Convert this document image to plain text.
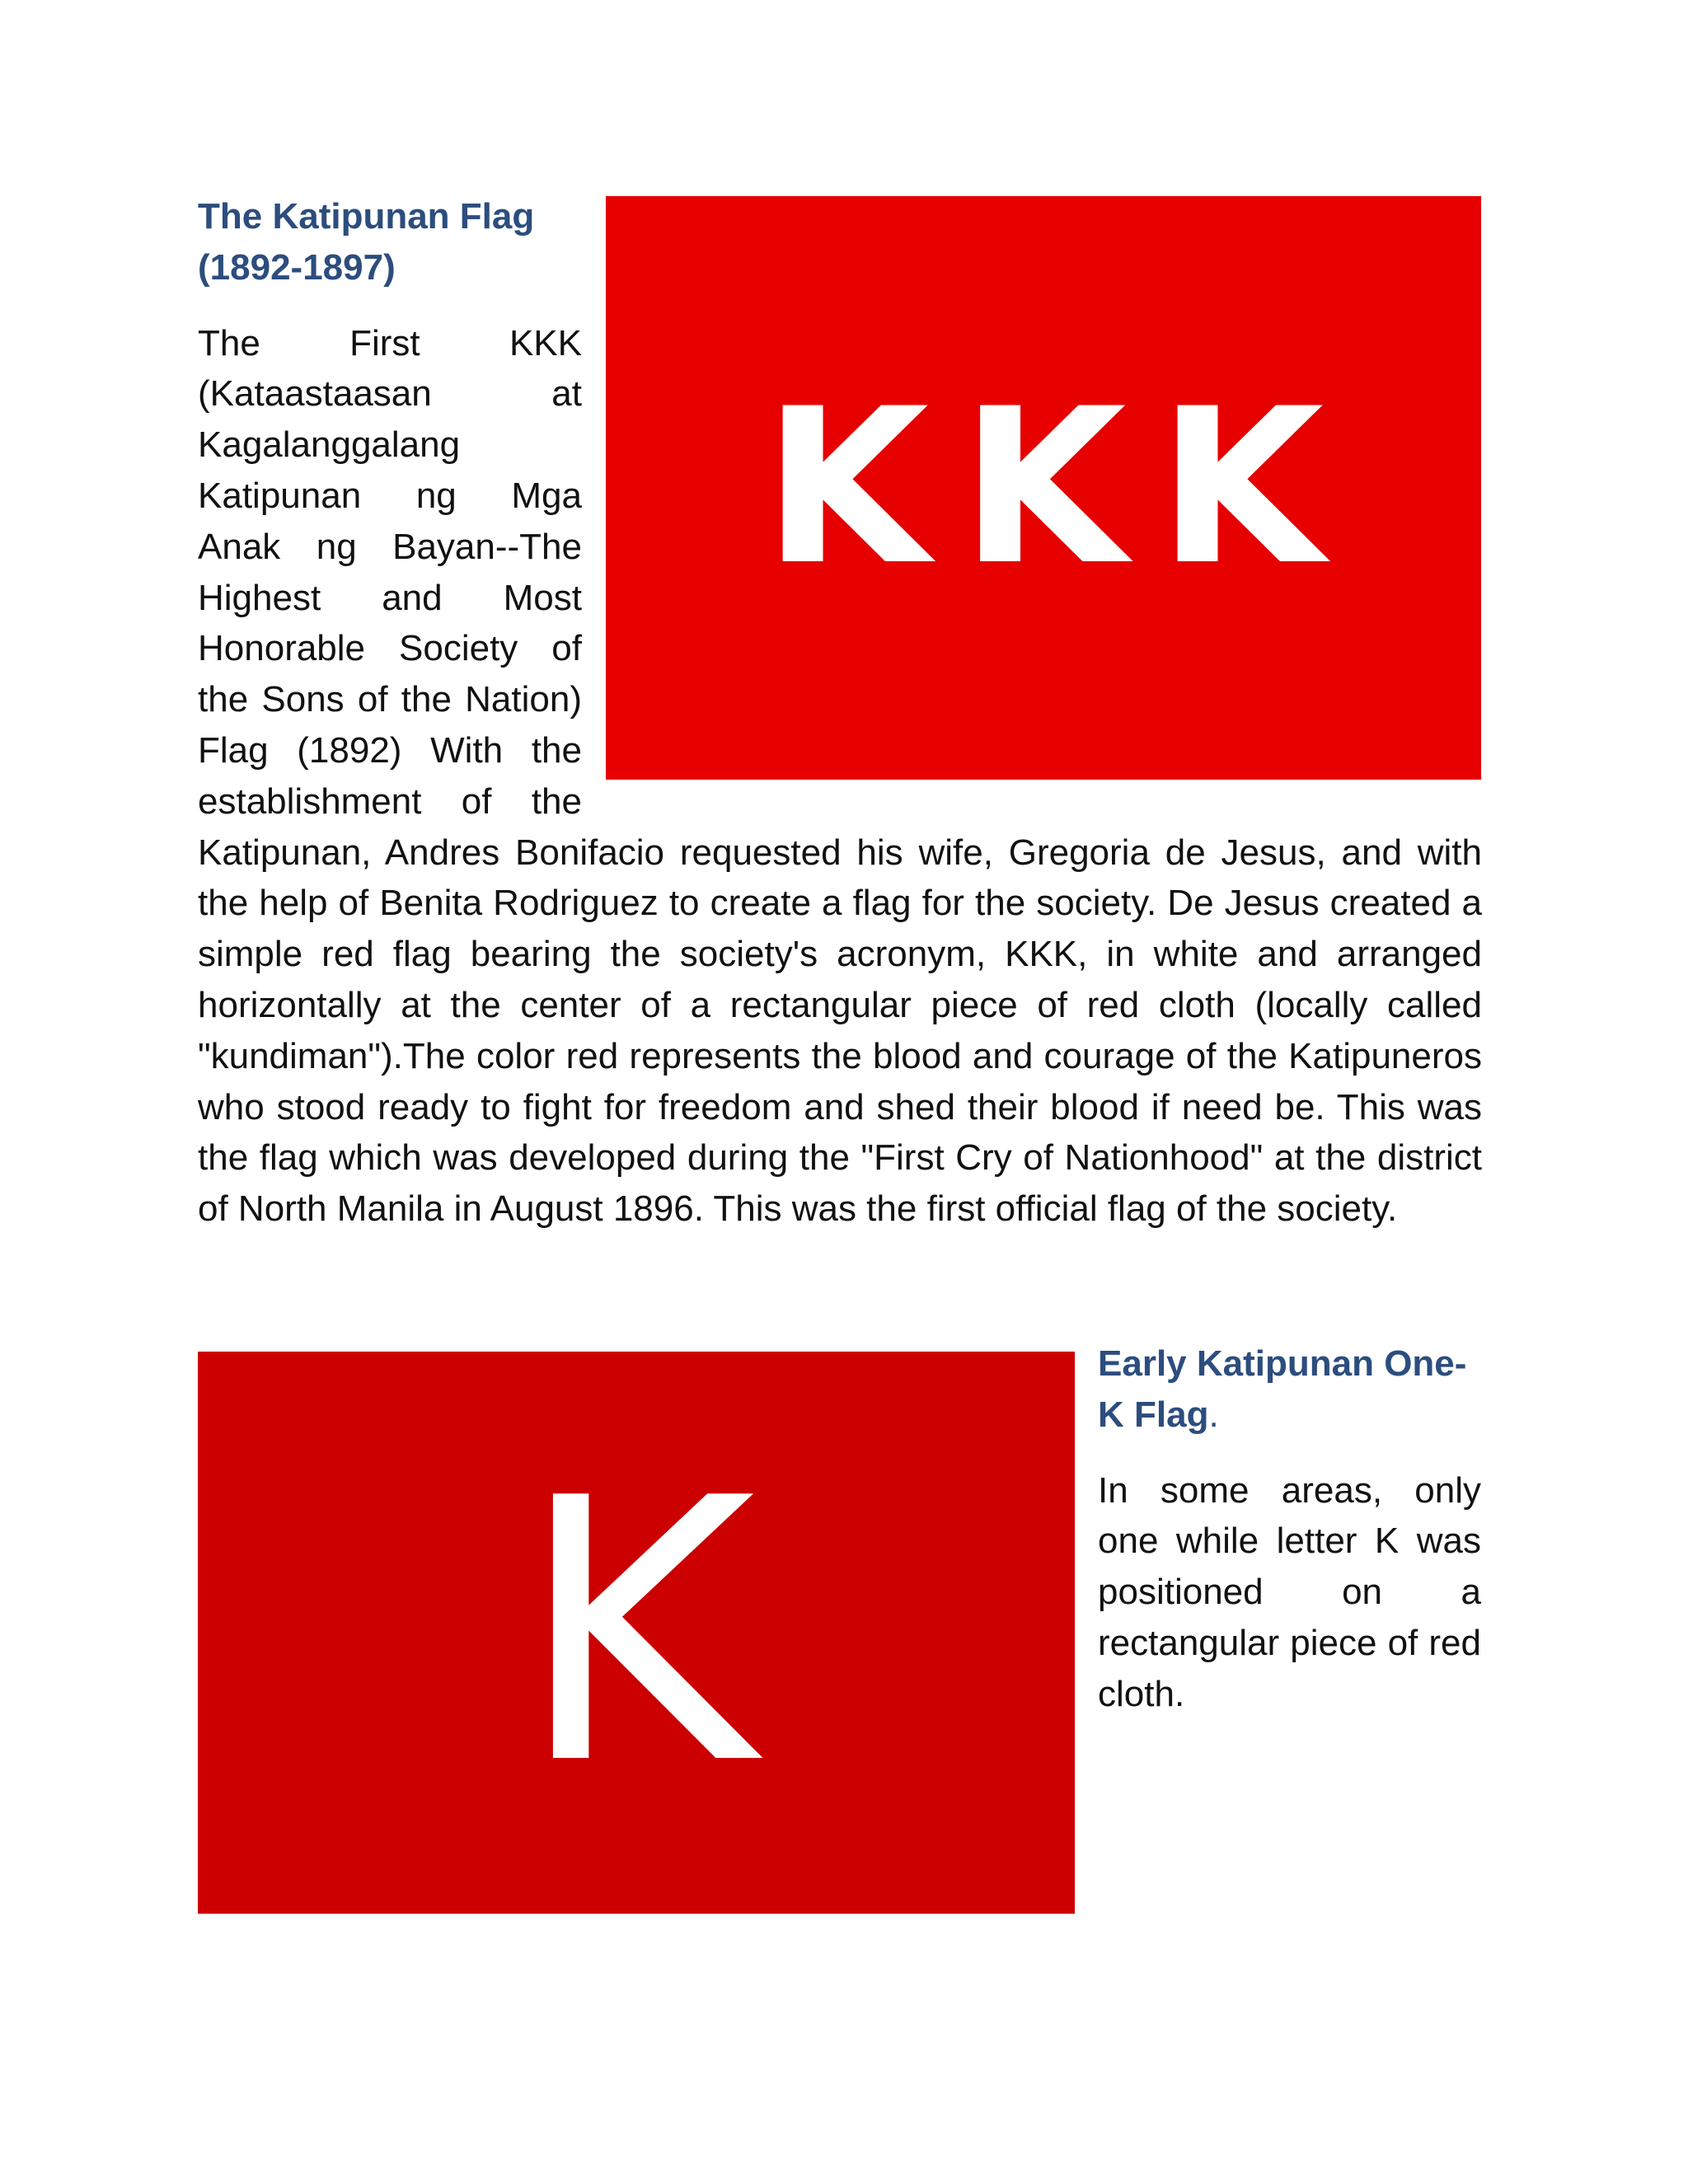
KKK
The Katipunan Flag (1892-1897)

The First KKK (Kataastaasan at Kagalanggalang Katipunan ng Mga Anak ng Bayan--The Highest and Most Honorable Society of the Sons of the Nation) Flag (1892) With the establishment of the Katipunan, Andres Bonifacio requested his wife, Gregoria de Jesus, and with the help of Benita Rodriguez to create a flag for the society. De Jesus created a simple red flag bearing the society's acronym, KKK, in white and arranged horizontally at the center of a rectangular piece of red cloth (locally called "kundiman").The color red represents the blood and courage of the Katipuneros who stood ready to fight for freedom and shed their blood if need be. This was the flag which was developed during the "First Cry of Nationhood" at the district of North Manila in August 1896. This was the first official flag of the society.

K
Early Katipunan One-K Flag.

In some areas, only one while letter K was positioned on a rectangular piece of red cloth.
